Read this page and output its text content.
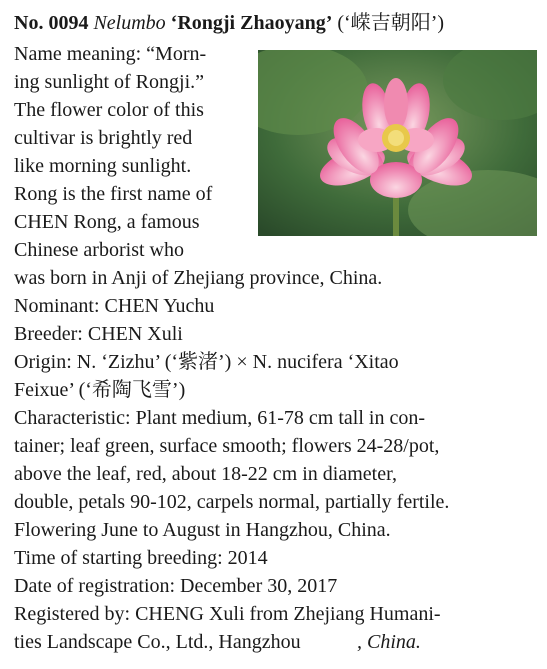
No. 0094 Nelumbo ‘Rongji Zhaoyang’ (‘嵘吉朝阳’)
Name meaning: “Morn-
ing sunlight of Rongji.”
The flower color of this
cultivar is brightly red
like morning sunlight.
Rong is the first name of
CHEN Rong, a famous
Chinese arborist who
was born in Anji of Zhejiang province, China.
Nominant: CHEN Yuchu
Breeder: CHEN Xuli
Origin: N. ‘Zizhu’ (‘紫渚’) × N. nucifera ‘Xitao
Feixue’ (‘希陶飞雪’)
Characteristic: Plant medium, 61-78 cm tall in con-
tainer; leaf green, surface smooth; flowers 24-28/pot,
above the leaf, red, about 18-22 cm in diameter,
double, petals 90-102, carpels normal, partially fertile.
Flowering June to August in Hangzhou, China.
Time of starting breeding: 2014
Date of registration: December 30, 2017
Registered by: CHENG Xuli from Zhejiang Humani-
ties Landscape Co., Ltd., Hangzhou	, China.
